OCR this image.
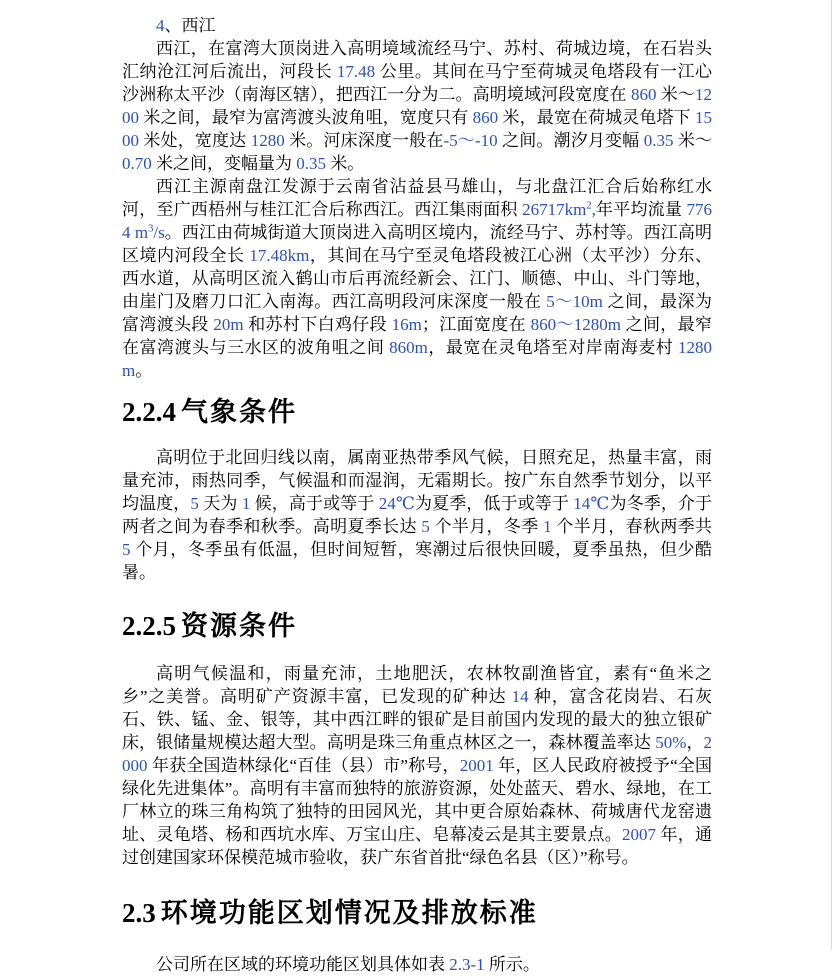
4、西江

西江，在富湾大顶岗进入高明境域流经马宁、苏村、荷城边境，在石岩头汇纳沧江河后流出，河段长 17.48 公里。其间在马宁至荷城灵龟塔段有一江心沙洲称太平沙（南海区辖），把西江一分为二。高明境域河段宽度在 860 米～1200 米之间，最窄为富湾渡头波角咀，宽度只有 860 米，最宽在荷城灵龟塔下 1500 米处，宽度达 1280 米。河床深度一般在-5～-10 之间。潮汐月变幅 0.35 米～0.70 米之间，变幅量为 0.35 米。

西江主源南盘江发源于云南省沾益县马雄山，与北盘江汇合后始称红水河，至广西梧州与桂江汇合后称西江。西江集雨面积 $26717km^2$,年平均流量 7764 $m^3/s$。西江由荷城街道大顶岗进入高明区境内，流经马宁、苏村等。西江高明区境内河段全长 17.48km，其间在马宁至灵龟塔段被江心洲（太平沙）分东、西水道，从高明区流入鹤山市后再流经新会、江门、顺德、中山、斗门等地，由崖门及磨刀口汇入南海。西江高明段河床深度一般在 5～10m 之间，最深为富湾渡头段 20m 和苏村下白鸡仔段 16m；江面宽度在 860～1280m 之间，最窄在富湾渡头与三水区的波角咀之间 860m，最宽在灵龟塔至对岸南海麦村 1280m。

2.2.4 气象条件

高明位于北回归线以南，属南亚热带季风气候，日照充足，热量丰富，雨量充沛，雨热同季，气候温和而湿润，无霜期长。按广东自然季节划分，以平均温度，5 天为 1 候，高于或等于 24℃为夏季，低于或等于 14℃为冬季，介于两者之间为春季和秋季。高明夏季长达 5 个半月，冬季 1 个半月，春秋两季共 5 个月，冬季虽有低温，但时间短暂，寒潮过后很快回暖，夏季虽热，但少酷暑。

2.2.5 资源条件

高明气候温和，雨量充沛，土地肥沃，农林牧副渔皆宜，素有“鱼米之乡”之美誉。高明矿产资源丰富，已发现的矿种达 14 种，富含花岗岩、石灰石、铁、锰、金、银等，其中西江畔的银矿是目前国内发现的最大的独立银矿床，银储量规模达超大型。高明是珠三角重点林区之一，森林覆盖率达 50%，2000 年获全国造林绿化“百佳（县）市”称号，2001 年，区人民政府被授予“全国绿化先进集体”。高明有丰富而独特的旅游资源，处处蓝天、碧水、绿地，在工厂林立的珠三角构筑了独特的田园风光，其中更合原始森林、荷城唐代龙窑遗址、灵龟塔、杨和西坑水库、万宝山庄、皂幕凌云是其主要景点。2007 年，通过创建国家环保模范城市验收，获广东省首批“绿色名县（区）”称号。

2.3 环境功能区划情况及排放标准

公司所在区域的环境功能区划具体如表 2.3-1 所示。
